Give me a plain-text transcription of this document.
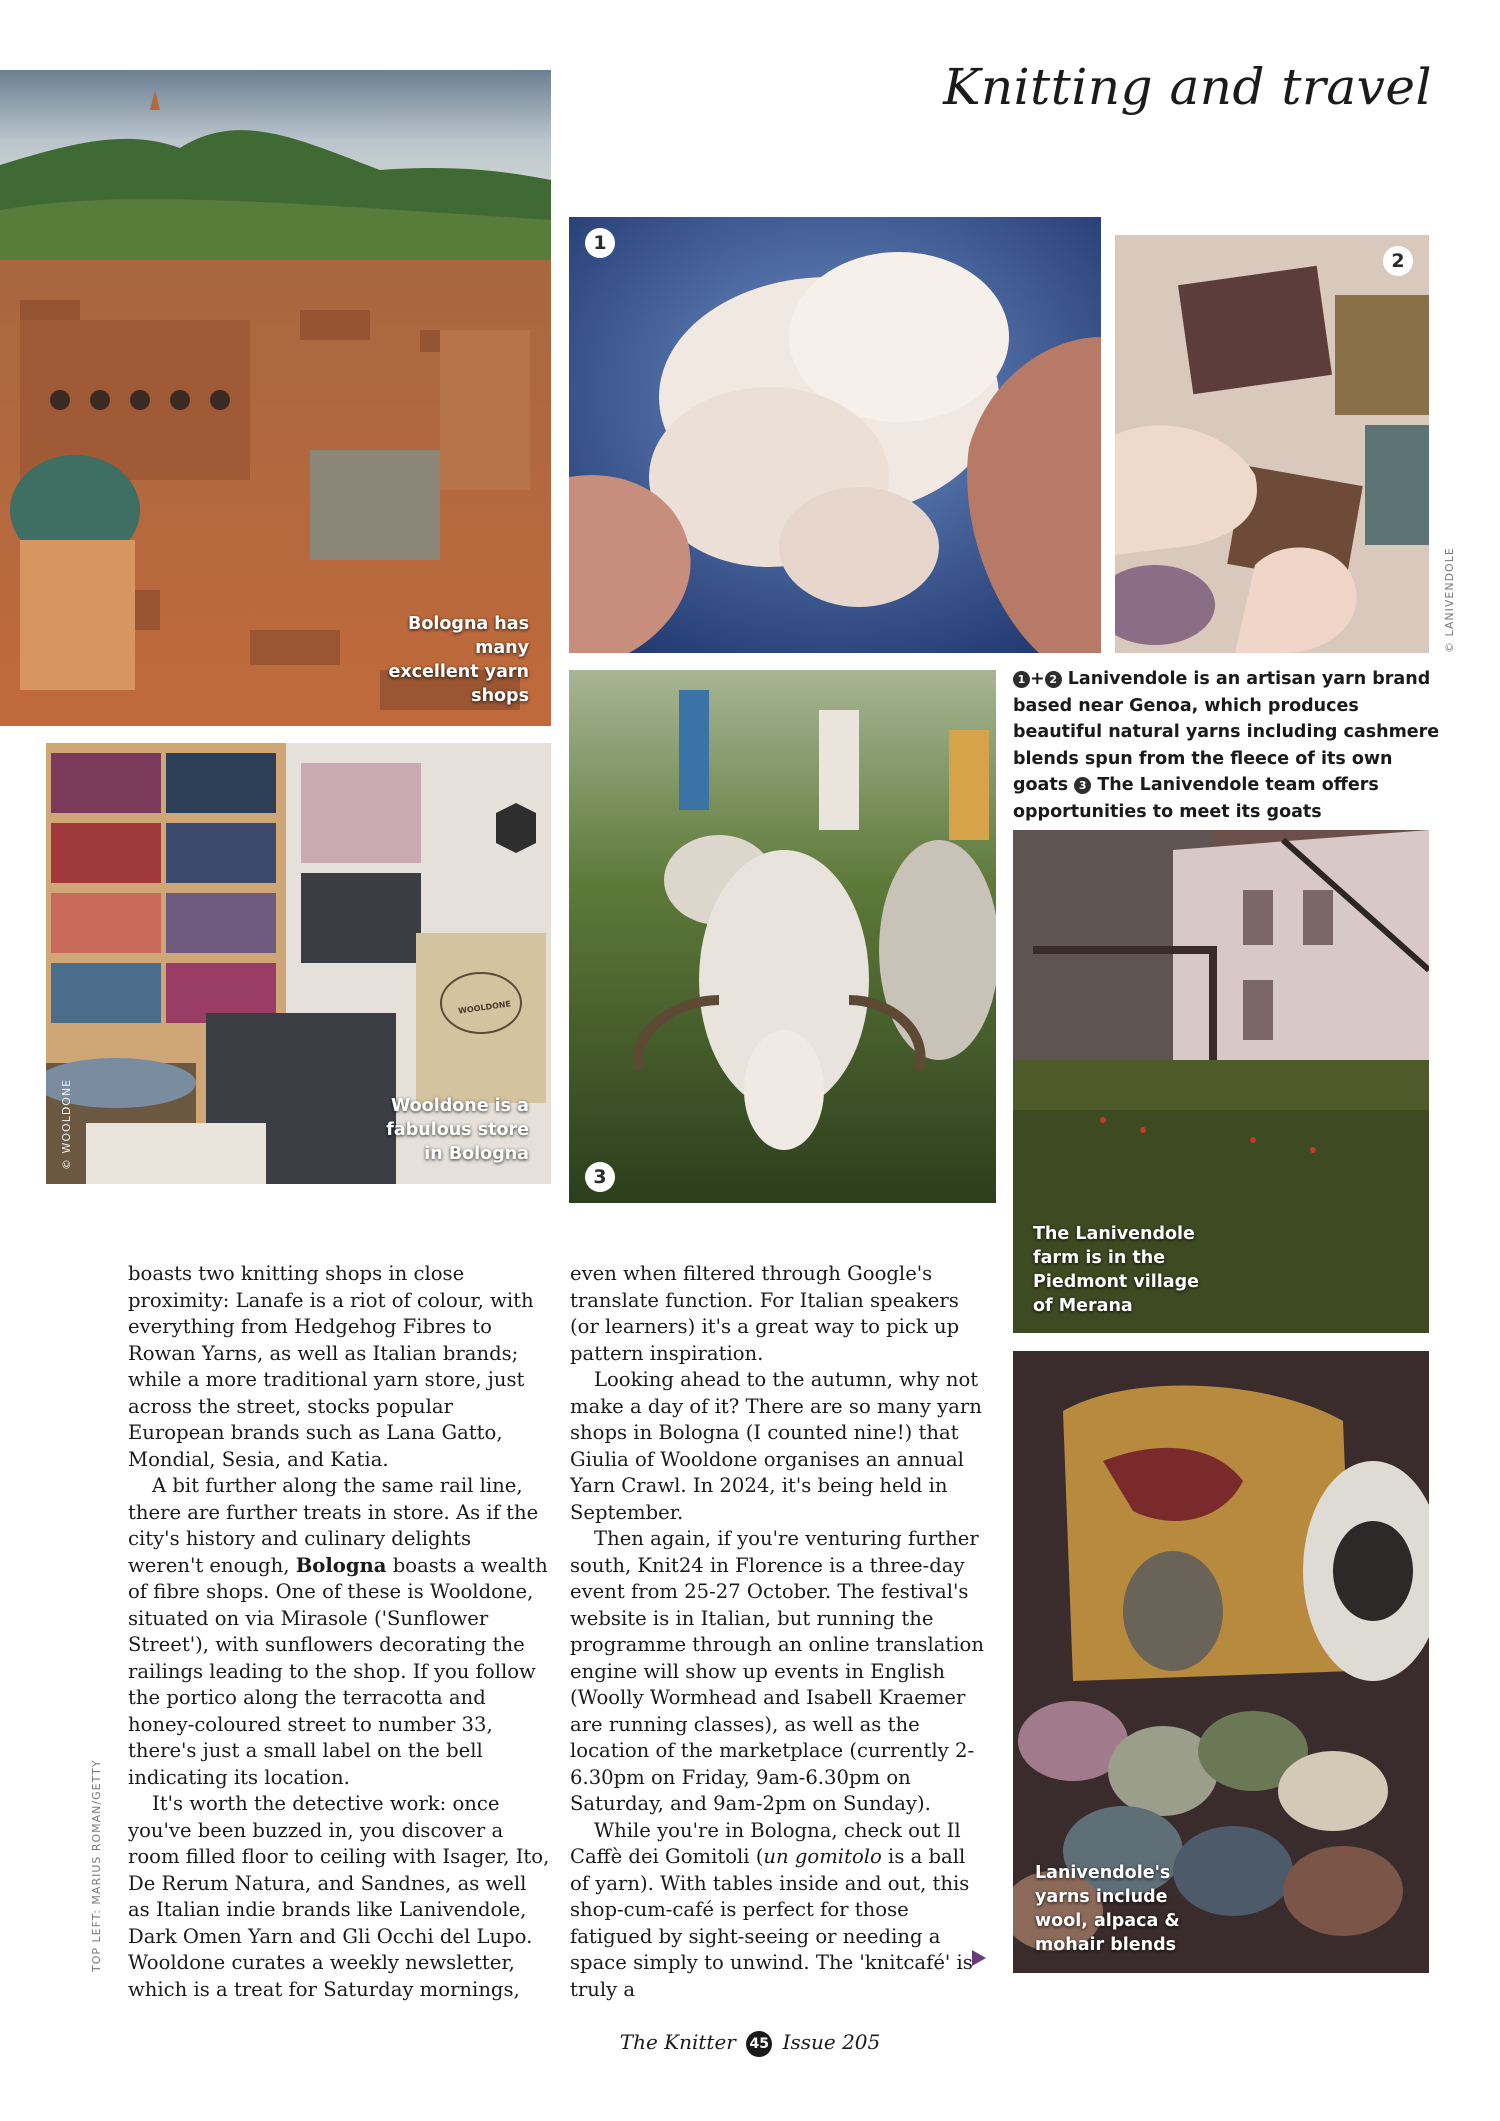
Knitting and travel
Bologna has many excellent yarn shops
WOOLDONE
© WOOLDONE	Wooldone is a fabulous store in Bologna
1
2
© LANIVENDOLE
1 + 2 Lanivendole is an artisan yarn brand based near Genoa, which produces beautiful natural yarns including cashmere blends spun from the fleece of its own goats 3 The Lanivendole team offers opportunities to meet its goats
3
The Lanivendole farm is in the Piedmont village of Merana
Lanivendole's yarns include wool, alpaca & mohair blends
TOP LEFT: MARIUS ROMAN/GETTY

boasts two knitting shops in close proximity: Lanafe is a riot of colour, with everything from Hedgehog Fibres to Rowan Yarns, as well as Italian brands; while a more traditional yarn store, just across the street, stocks popular European brands such as Lana Gatto, Mondial, Sesia, and Katia.

A bit further along the same rail line, there are further treats in store. As if the city's history and culinary delights weren't enough, Bologna boasts a wealth of fibre shops. One of these is Wooldone, situated on via Mirasole ('Sunflower Street'), with sunflowers decorating the railings leading to the shop. If you follow the portico along the terracotta and honey-coloured street to number 33, there's just a small label on the bell indicating its location.

It's worth the detective work: once you've been buzzed in, you discover a room filled floor to ceiling with Isager, Ito, De Rerum Natura, and Sandnes, as well as Italian indie brands like Lanivendole, Dark Omen Yarn and Gli Occhi del Lupo. Wooldone curates a weekly newsletter, which is a treat for Saturday mornings,

even when filtered through Google's translate function. For Italian speakers (or learners) it's a great way to pick up pattern inspiration.

Looking ahead to the autumn, why not make a day of it? There are so many yarn shops in Bologna (I counted nine!) that Giulia of Wooldone organises an annual Yarn Crawl. In 2024, it's being held in September.

Then again, if you're venturing further south, Knit24 in Florence is a three-day event from 25-27 October. The festival's website is in Italian, but running the programme through an online translation engine will show up events in English (Woolly Wormhead and Isabell Kraemer are running classes), as well as the location of the marketplace (currently 2-6.30pm on Friday, 9am-6.30pm on Saturday, and 9am-2pm on Sunday).

While you're in Bologna, check out Il Caffè dei Gomitoli (un gomitolo is a ball of yarn). With tables inside and out, this shop-cum-café is perfect for those fatigued by sight-seeing or needing a space simply to unwind. The 'knitcafé' is truly a

The Knitter 45 Issue 205
